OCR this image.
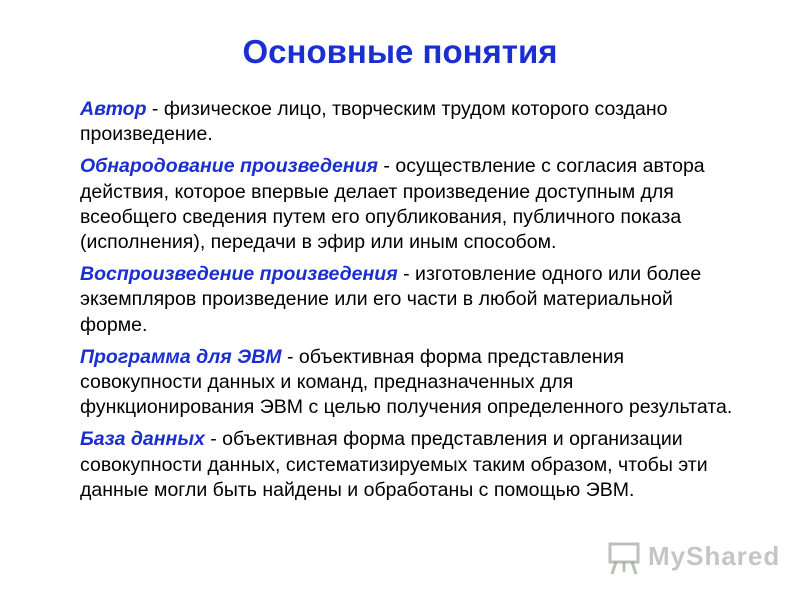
Основные понятия
Автор - физическое лицо, творческим трудом которого создано произведение.
Обнародование произведения - осуществление с согласия автора действия, которое впервые делает произведение доступным для всеобщего сведения путем его опубликования, публичного показа (исполнения), передачи в эфир или иным способом.
Воспроизведение произведения - изготовление одного или более экземпляров произведение или его части в любой материальной форме.
Программа для ЭВМ - объективная форма представления совокупности данных и команд, предназначенных для функционирования ЭВМ с целью получения определенного результата.
База данных - объективная форма представления и организации совокупности данных, систематизируемых таким образом, чтобы эти данные могли быть найдены и обработаны с помощью ЭВМ.
MyShared
